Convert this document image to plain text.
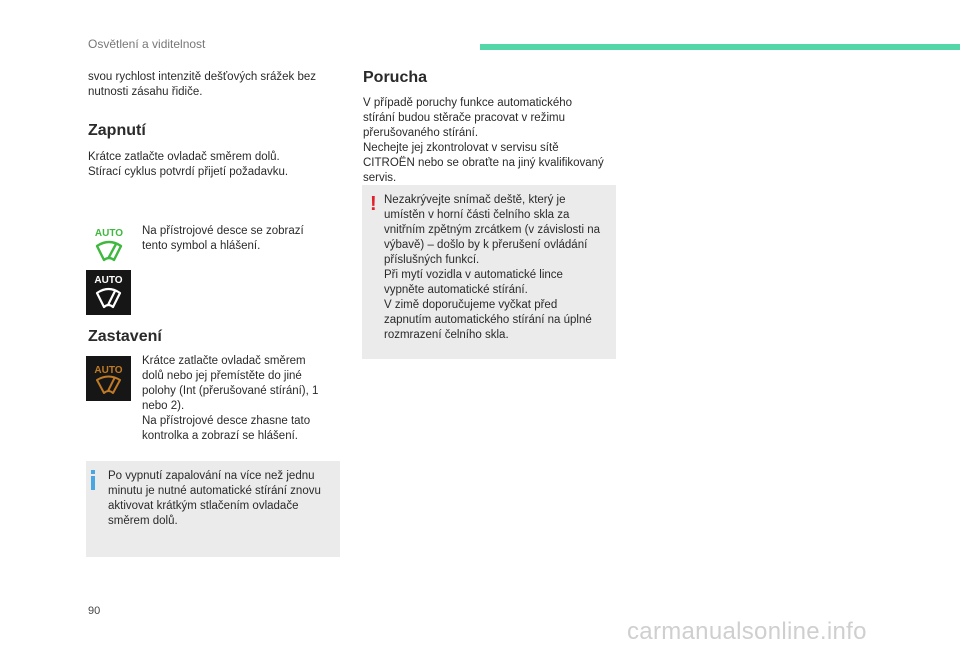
Osvětlení a viditelnost
svou rychlost intenzitě dešťových srážek bez
nutnosti zásahu řidiče.
Zapnutí
Krátce zatlačte ovladač směrem dolů.
Stírací cyklus potvrdí přijetí požadavku.
AUTO Na přístrojové desce se zobrazí
tento symbol a hlášení.
AUTO
Zastavení
AUTO
Krátce zatlačte ovladač směrem
dolů nebo jej přemístěte do jiné
polohy (Int (přerušované stírání), 1
nebo 2).
Na přístrojové desce zhasne tato
kontrolka a zobrazí se hlášení.
Po vypnutí zapalování na více než jednu
minutu je nutné automatické stírání znovu
aktivovat krátkým stlačením ovladače
směrem dolů.
Porucha
V případě poruchy funkce automatického
stírání budou stěrače pracovat v režimu
přerušovaného stírání.
Nechejte jej zkontrolovat v servisu sítě
CITROËN nebo se obraťte na jiný kvalifikovaný
servis.
! Nezakrývejte snímač deště, který je
umístěn v horní části čelního skla za
vnitřním zpětným zrcátkem (v závislosti na
výbavě) – došlo by k přerušení ovládání
příslušných funkcí.
Při mytí vozidla v automatické lince
vypněte automatické stírání.
V zimě doporučujeme vyčkat před
zapnutím automatického stírání na úplné
rozmrazení čelního skla.
90
carmanualsonline.info
